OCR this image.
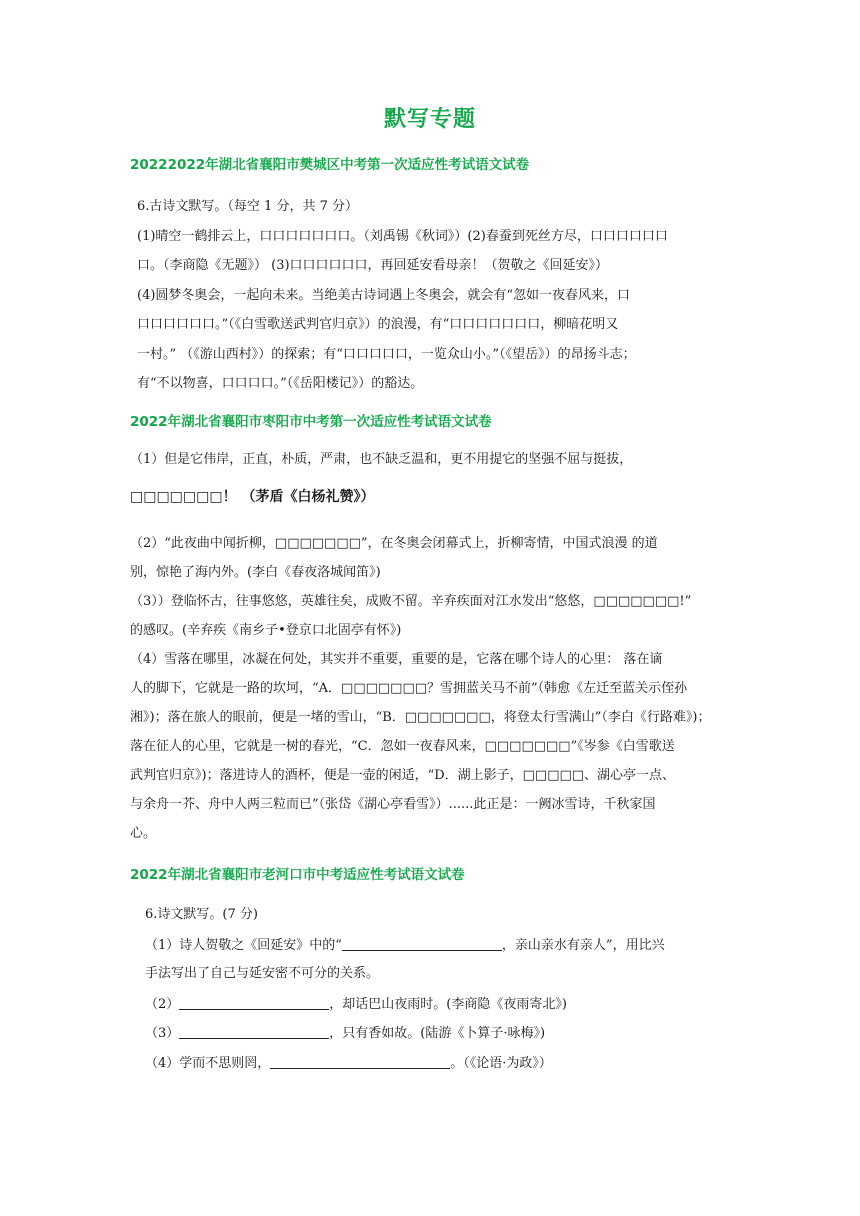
默写专题
20222022年湖北省襄阳市樊城区中考第一次适应性考试语文试卷
6.古诗文默写。（每空 1 分，共 7 分）
(1)晴空一鹤排云上，口口口口口口口。（刘禹锡《秋词》）(2)春蚕到死丝方尽，口口口口口口
口。（李商隐《无题》） (3)口口口口口口，再回延安看母亲！（贺敬之《回延安》）
(4)圆梦冬奥会，一起向未来。当绝美古诗词遇上冬奥会，就会有“忽如一夜春风来，口
口口口口口口。”（《白雪歌送武判官归京》）的浪漫，有“口口口口口口口，柳暗花明又
一村。” （《游山西村》）的探索；有“口口口口口，一览众山小。”（《望岳》）的昂扬斗志；
有“不以物喜，口口口口。”（《岳阳楼记》）的豁达。
2022年湖北省襄阳市枣阳市中考第一次适应性考试语文试卷
（1）但是它伟岸，正直，朴质，严肃，也不缺乏温和，更不用提它的坚强不屈与挺拔，
□□□□□□□！ （茅盾《白杨礼赞》）
（2）“此夜曲中闻折柳，□□□□□□□”，在冬奥会闭幕式上，折柳寄情，中国式浪漫 的道
别，惊艳了海内外。(李白《春夜洛城闻笛》)
（3））登临怀古，往事悠悠，英雄往矣，成败不留。辛弃疾面对江水发出“悠悠，□□□□□□□!”
的感叹。(辛弃疾《南乡子•登京口北固亭有怀》)
（4）雪落在哪里，冰凝在何处，其实并不重要，重要的是，它落在哪个诗人的心里： 落在谪
人的脚下，它就是一路的坎坷，“A．□□□□□□□？雪拥蓝关马不前”（韩愈《左迁至蓝关示侄孙
湘》)；落在旅人的眼前，便是一堵的雪山，“B．□□□□□□□，将登太行雪满山”（李白《行路难》)；
落在征人的心里，它就是一树的春光，“C．忽如一夜春风来，□□□□□□□”《岑参《白雪歌送
武判官归京》)；落进诗人的酒杯，便是一壶的闲适，“D．湖上影子，□□□□□、湖心亭一点、
与余舟一芥、舟中人两三粒而已”（张岱《湖心亭看雪》）......此正是：一阙冰雪诗，千秋家国
心。
2022年湖北省襄阳市老河口市中考适应性考试语文试卷
6.诗文默写。(7 分)
（1）诗人贺敬之《回延安》中的“	，亲山亲水有亲人”，用比兴
手法写出了自己与延安密不可分的关系。
（2）	，却话巴山夜雨时。(李商隐《夜雨寄北》)
（3）	，只有香如故。(陆游《卜算子·咏梅》)
（4）学而不思则罔，	。（《论语·为政》）
